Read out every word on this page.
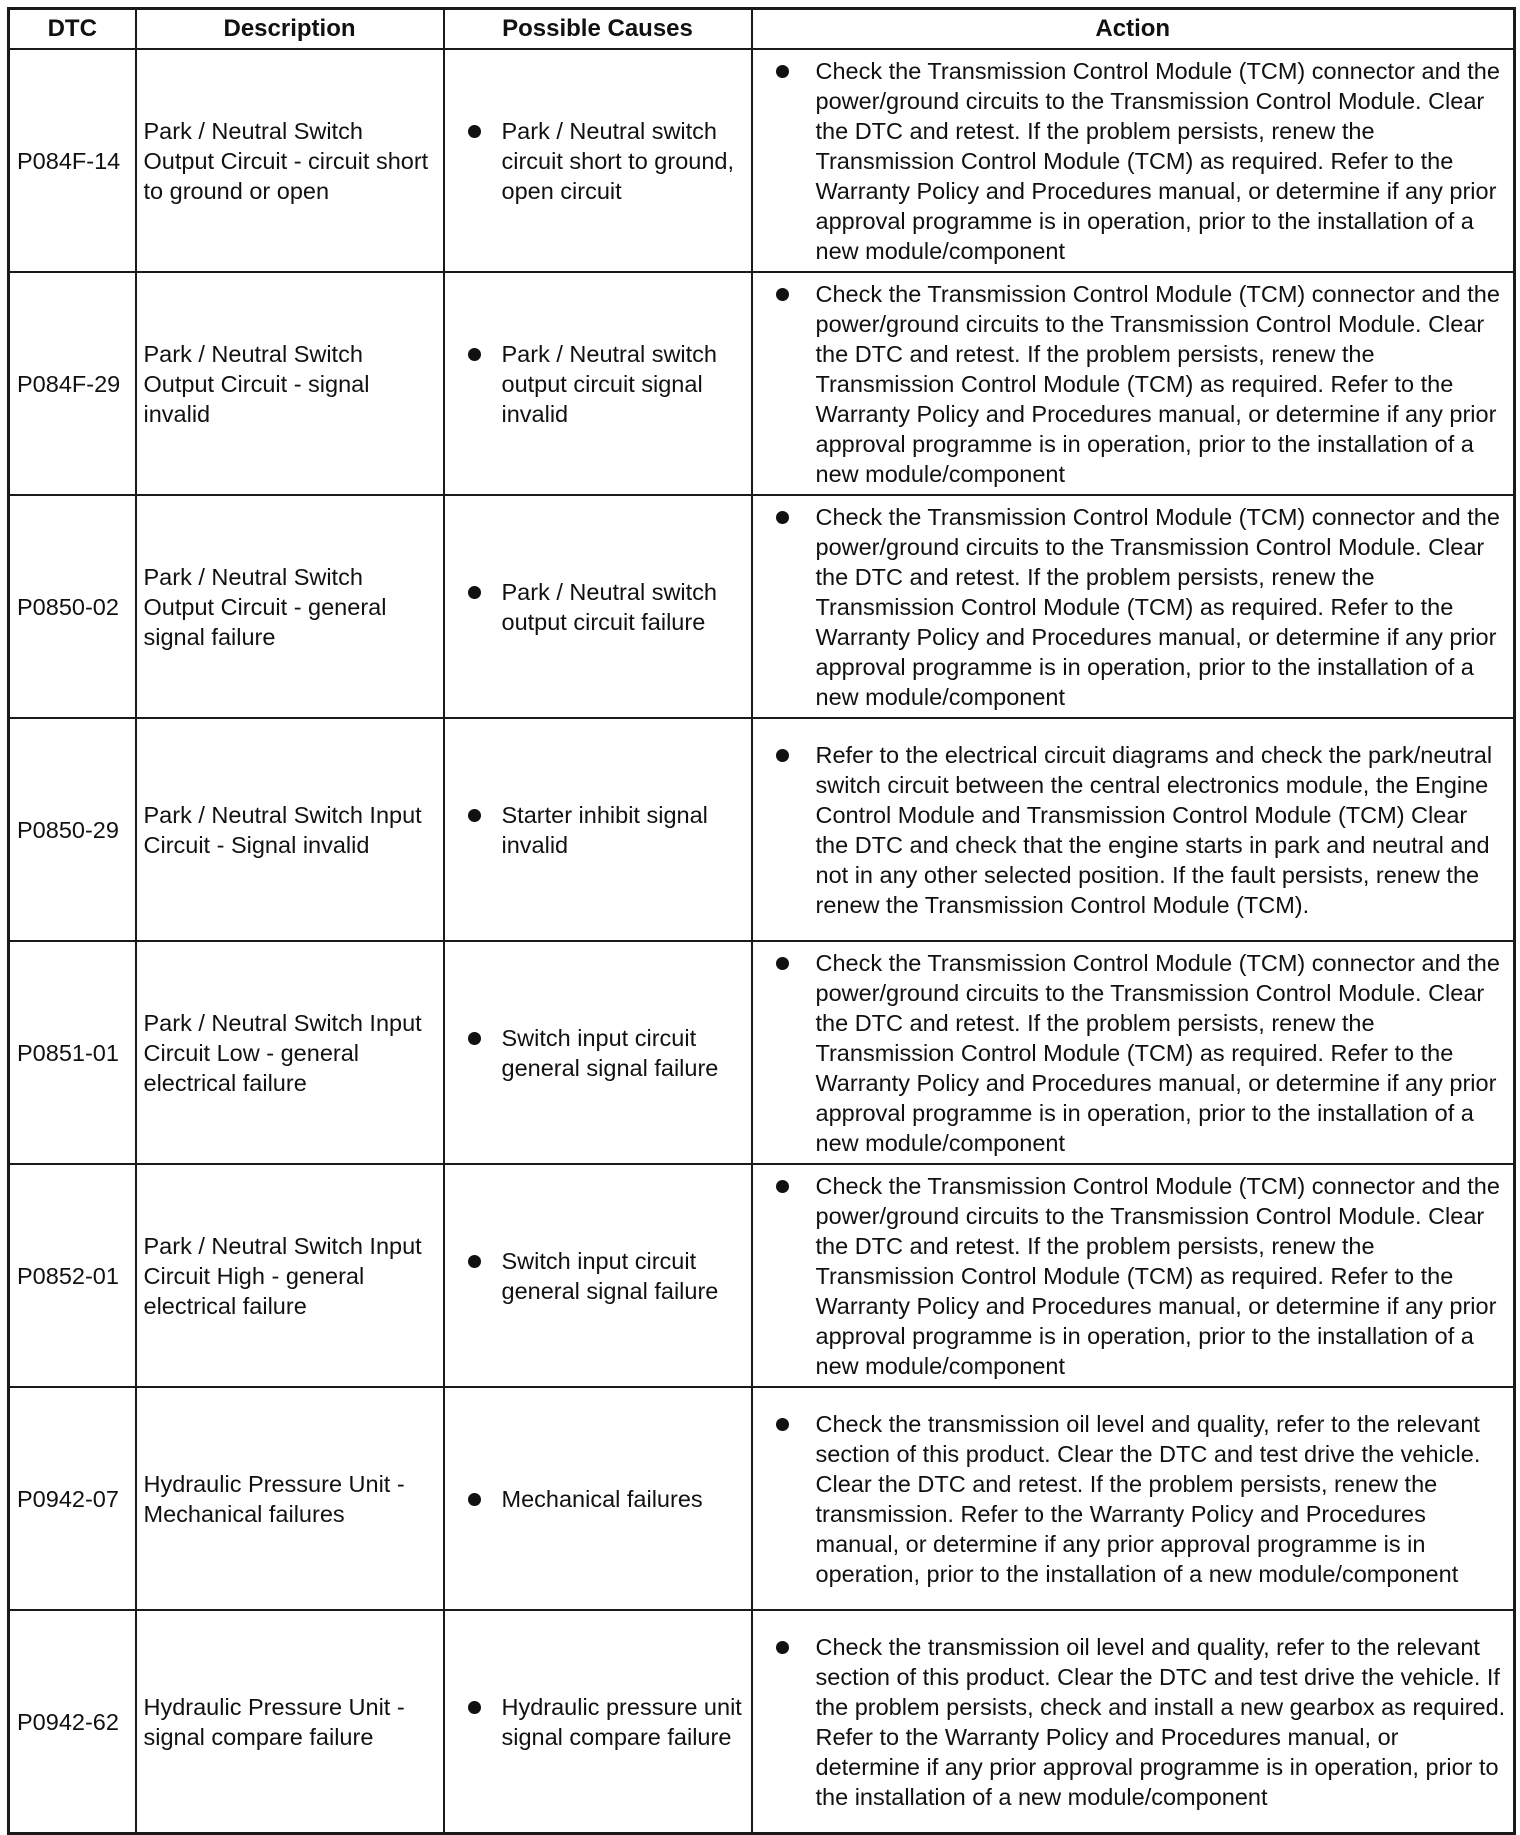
DTC	Description	Possible Causes	Action
P084F-14	Park / Neutral Switch Output Circuit - circuit short to ground or open	Park / Neutral switch circuit short to ground, open circuit	Check the Transmission Control Module (TCM) connector and the power/ground circuits to the Transmission Control Module. Clear the DTC and retest. If the problem persists, renew the Transmission Control Module (TCM) as required. Refer to the Warranty Policy and Procedures manual, or determine if any prior approval programme is in operation, prior to the installation of a new module/component

P084F-29	Park / Neutral Switch Output Circuit - signal invalid	Park / Neutral switch output circuit signal invalid	Check the Transmission Control Module (TCM) connector and the power/ground circuits to the Transmission Control Module. Clear the DTC and retest. If the problem persists, renew the Transmission Control Module (TCM) as required. Refer to the Warranty Policy and Procedures manual, or determine if any prior approval programme is in operation, prior to the installation of a new module/component

P0850-02	Park / Neutral Switch Output Circuit - general signal failure	Park / Neutral switch output circuit failure	Check the Transmission Control Module (TCM) connector and the power/ground circuits to the Transmission Control Module. Clear the DTC and retest. If the problem persists, renew the Transmission Control Module (TCM) as required. Refer to the Warranty Policy and Procedures manual, or determine if any prior approval programme is in operation, prior to the installation of a new module/component

P0850-29	Park / Neutral Switch Input Circuit - Signal invalid	Starter inhibit signal invalid	Refer to the electrical circuit diagrams and check the park/neutral switch circuit between the central electronics module, the Engine Control Module and Transmission Control Module (TCM) Clear the DTC and check that the engine starts in park and neutral and not in any other selected position. If the fault persists, renew the renew the Transmission Control Module (TCM).

P0851-01	Park / Neutral Switch Input Circuit Low - general electrical failure	Switch input circuit general signal failure	Check the Transmission Control Module (TCM) connector and the power/ground circuits to the Transmission Control Module. Clear the DTC and retest. If the problem persists, renew the Transmission Control Module (TCM) as required. Refer to the Warranty Policy and Procedures manual, or determine if any prior approval programme is in operation, prior to the installation of a new module/component

P0852-01	Park / Neutral Switch Input Circuit High - general electrical failure	Switch input circuit general signal failure	Check the Transmission Control Module (TCM) connector and the power/ground circuits to the Transmission Control Module. Clear the DTC and retest. If the problem persists, renew the Transmission Control Module (TCM) as required. Refer to the Warranty Policy and Procedures manual, or determine if any prior approval programme is in operation, prior to the installation of a new module/component

P0942-07	Hydraulic Pressure Unit - Mechanical failures	Mechanical failures	Check the transmission oil level and quality, refer to the relevant section of this product. Clear the DTC and test drive the vehicle. Clear the DTC and retest. If the problem persists, renew the transmission. Refer to the Warranty Policy and Procedures manual, or determine if any prior approval programme is in operation, prior to the installation of a new module/component

P0942-62	Hydraulic Pressure Unit - signal compare failure	Hydraulic pressure unit signal compare failure	Check the transmission oil level and quality, refer to the relevant section of this product. Clear the DTC and test drive the vehicle. If the problem persists, check and install a new gearbox as required. Refer to the Warranty Policy and Procedures manual, or determine if any prior approval programme is in operation, prior to the installation of a new module/component
